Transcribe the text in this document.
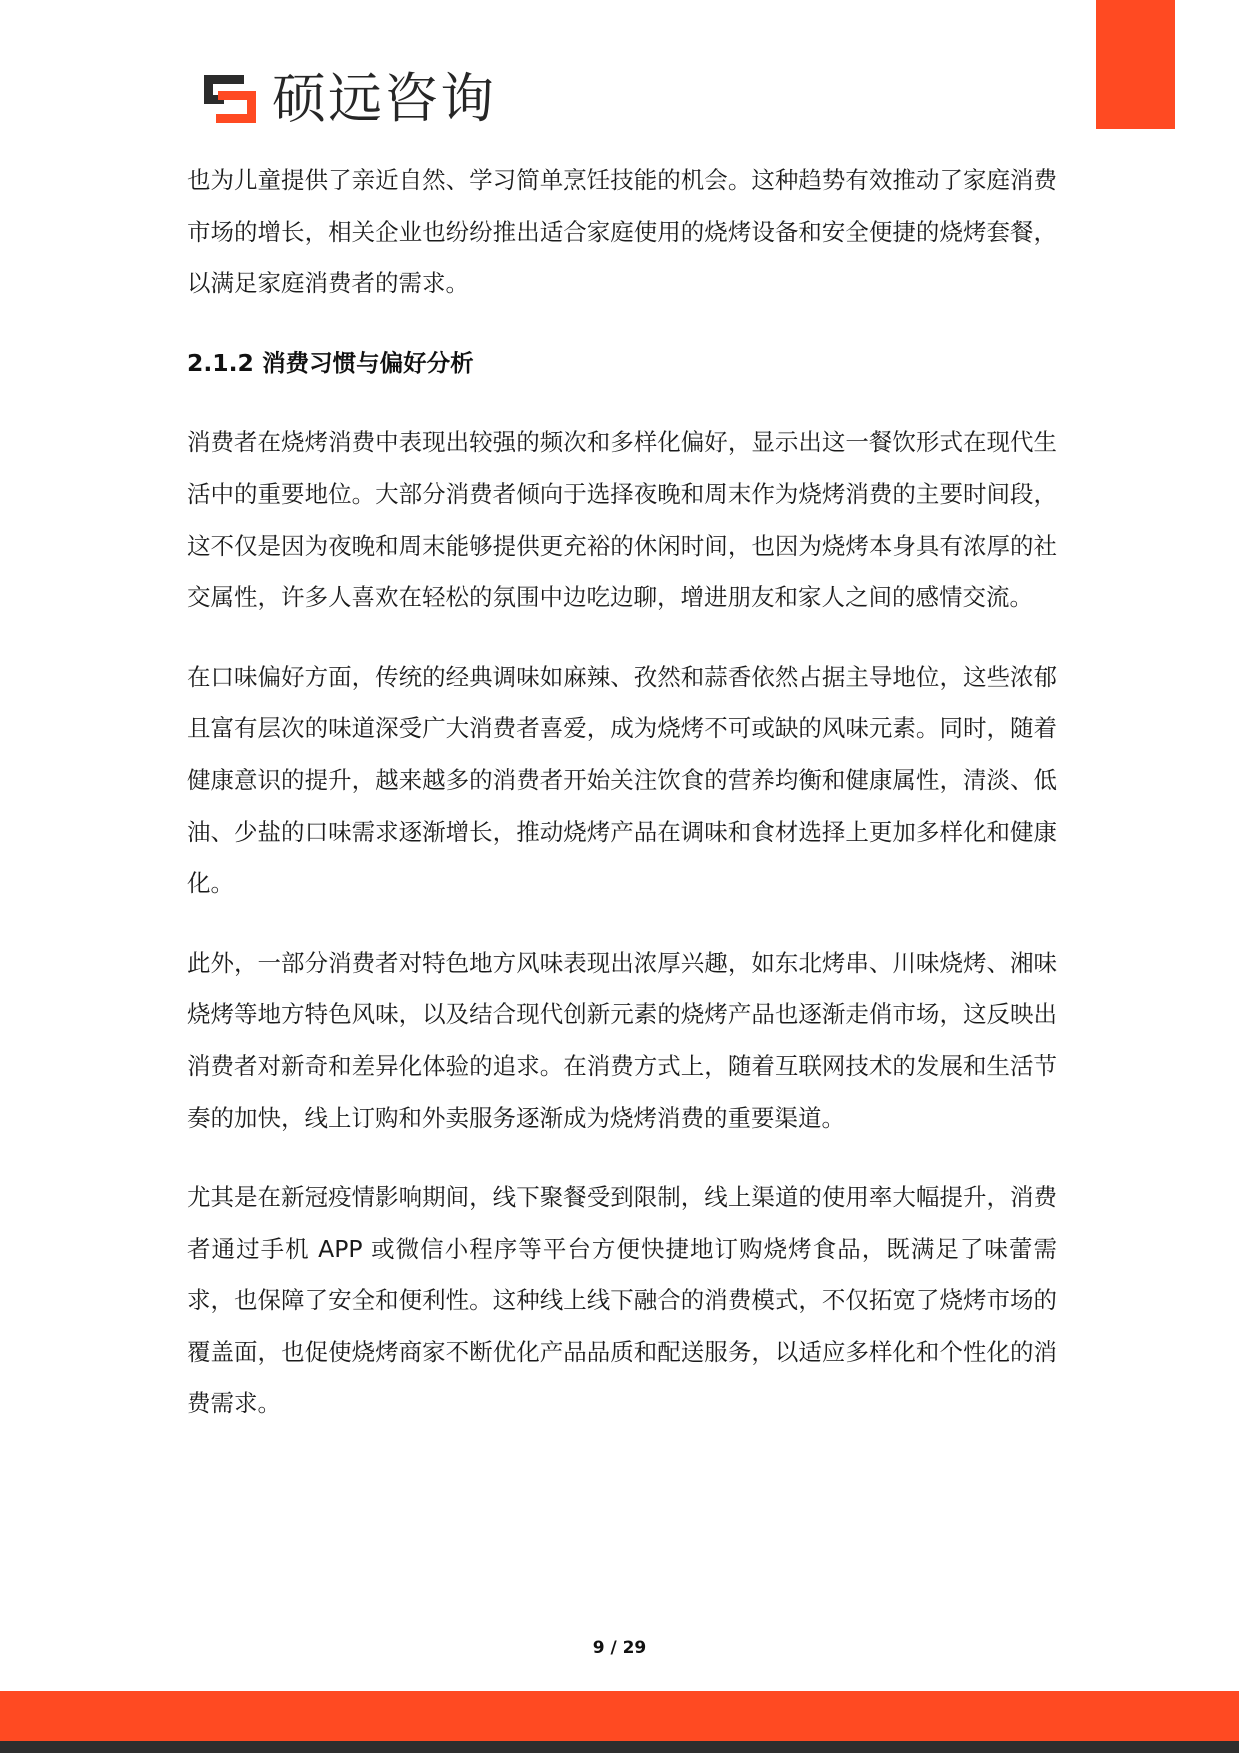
硕远咨询

也为儿童提供了亲近自然、学习简单烹饪技能的机会。这种趋势有效推动了家庭消费市场的增长，相关企业也纷纷推出适合家庭使用的烧烤设备和安全便捷的烧烤套餐，以满足家庭消费者的需求。

2.1.2 消费习惯与偏好分析

消费者在烧烤消费中表现出较强的频次和多样化偏好，显示出这一餐饮形式在现代生活中的重要地位。大部分消费者倾向于选择夜晚和周末作为烧烤消费的主要时间段，这不仅是因为夜晚和周末能够提供更充裕的休闲时间，也因为烧烤本身具有浓厚的社交属性，许多人喜欢在轻松的氛围中边吃边聊，增进朋友和家人之间的感情交流。

在口味偏好方面，传统的经典调味如麻辣、孜然和蒜香依然占据主导地位，这些浓郁且富有层次的味道深受广大消费者喜爱，成为烧烤不可或缺的风味元素。同时，随着健康意识的提升，越来越多的消费者开始关注饮食的营养均衡和健康属性，清淡、低油、少盐的口味需求逐渐增长，推动烧烤产品在调味和食材选择上更加多样化和健康化。

此外，一部分消费者对特色地方风味表现出浓厚兴趣，如东北烤串、川味烧烤、湘味烧烤等地方特色风味，以及结合现代创新元素的烧烤产品也逐渐走俏市场，这反映出消费者对新奇和差异化体验的追求。在消费方式上，随着互联网技术的发展和生活节奏的加快，线上订购和外卖服务逐渐成为烧烤消费的重要渠道。

尤其是在新冠疫情影响期间，线下聚餐受到限制，线上渠道的使用率大幅提升，消费者通过手机 APP 或微信小程序等平台方便快捷地订购烧烤食品，既满足了味蕾需求，也保障了安全和便利性。这种线上线下融合的消费模式，不仅拓宽了烧烤市场的覆盖面，也促使烧烤商家不断优化产品品质和配送服务，以适应多样化和个性化的消费需求。

9 / 29
